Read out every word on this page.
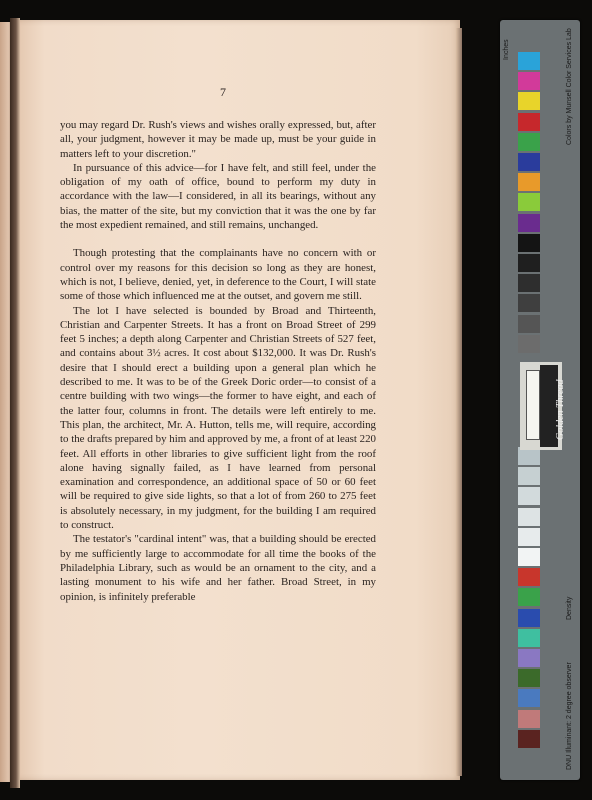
7

you may regard Dr. Rush's views and wishes orally expressed, but, after all, your judgment, however it may be made up, must be your guide in matters left to your discretion."

In pursuance of this advice—for I have felt, and still feel, under the obligation of my oath of office, bound to perform my duty in accordance with the law—I considered, in all its bearings, without any bias, the matter of the site, but my conviction that it was the one by far the most expedient remained, and still remains, unchanged.

Though protesting that the complainants have no concern with or control over my reasons for this decision so long as they are honest, which is not, I believe, denied, yet, in deference to the Court, I will state some of those which influenced me at the outset, and govern me still.

The lot I have selected is bounded by Broad and Thirteenth, Christian and Carpenter Streets. It has a front on Broad Street of 299 feet 5 inches; a depth along Carpenter and Christian Streets of 527 feet, and contains about 3½ acres. It cost about $132,000. It was Dr. Rush's desire that I should erect a building upon a general plan which he described to me. It was to be of the Greek Doric order—to consist of a centre building with two wings—the former to have eight, and each of the latter four, columns in front. The details were left entirely to me. This plan, the architect, Mr. A. Hutton, tells me, will require, according to the drafts prepared by him and approved by me, a front of at least 220 feet. All efforts in other libraries to give sufficient light from the roof alone having signally failed, as I have learned from personal examination and correspondence, an additional space of 50 or 60 feet will be required to give side lights, so that a lot of from 260 to 275 feet is absolutely necessary, in my judgment, for the building I am required to construct.

The testator's "cardinal intent" was, that a building should be erected by me sufficiently large to accommodate for all time the books of the Philadelphia Library, such as would be an ornament to the city, and a lasting monument to his wife and her father. Broad Street, in my opinion, is infinitely preferable

Golden Thread
Inches	Colors by Munsell Color Services Lab
DNU Illuminant: 2 degree observer
Density
